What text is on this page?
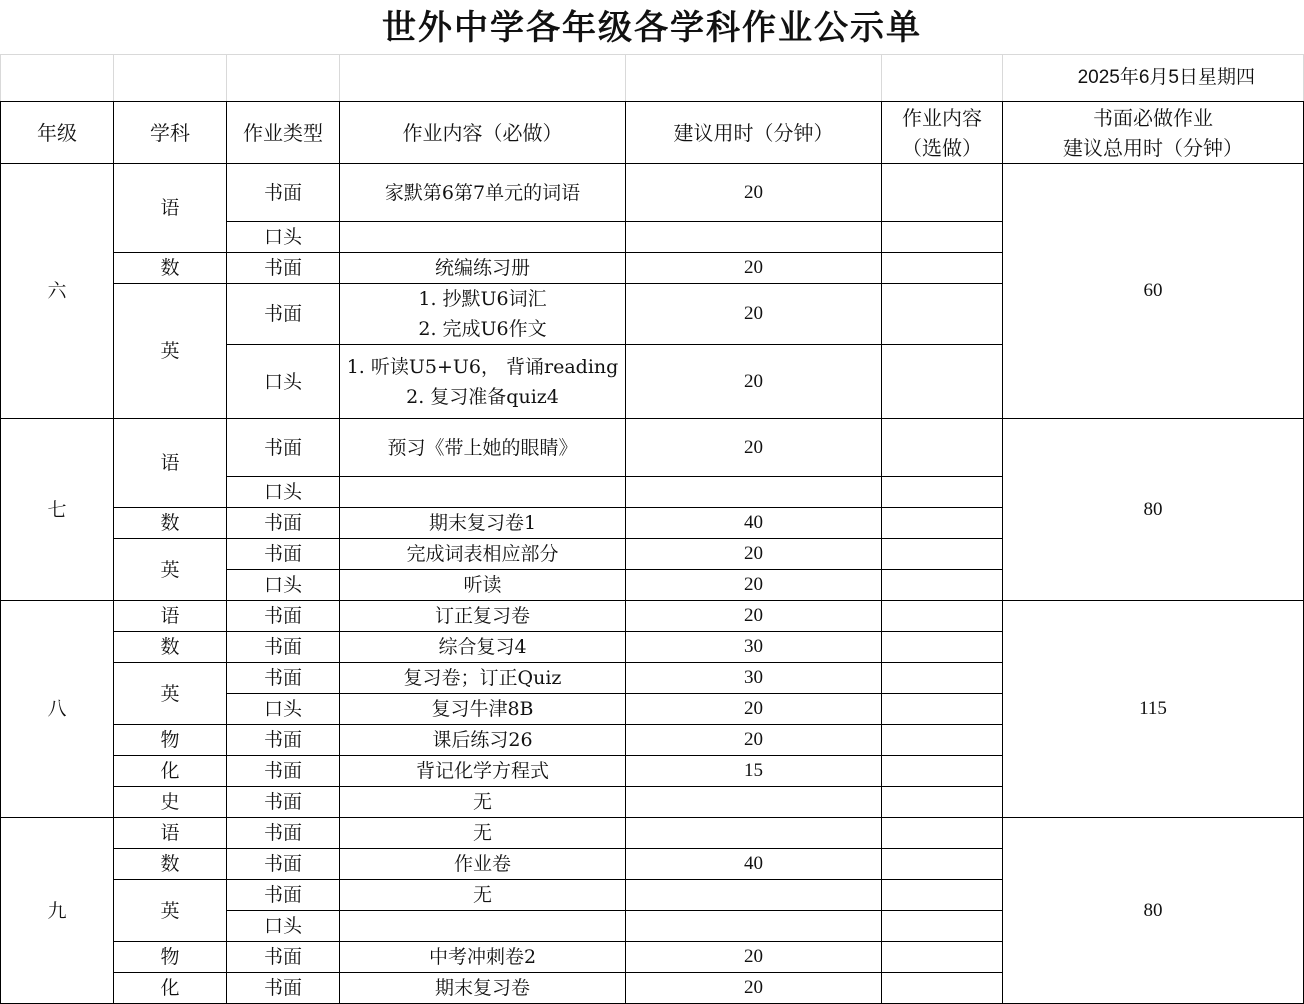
世外中学各年级各学科作业公示单
						2025年6月5日星期四
年级	学科	作业类型	作业内容（必做）	建议用时（分钟）	作业内容
（选做）	书面必做作业
建议总用时（分钟）

六	语	书面	家默第6第7单元的词语	20		60
		口头				
	数	书面	统编练习册	20		
	英	书面	1. 抄默U6词汇
2. 完成U6作文	20		
		口头	1. 听读U5+U6， 背诵reading
2. 复习准备quiz4	20		
七	语	书面	预习《带上她的眼睛》	20		80
		口头				
	数	书面	期末复习卷1	40		
	英	书面	完成词表相应部分	20		
		口头	听读	20		
八	语	书面	订正复习卷	20		115
	数	书面	综合复习4	30		
	英	书面	复习卷；订正Quiz	30		
		口头	复习牛津8B	20		
	物	书面	课后练习26	20		
	化	书面	背记化学方程式	15		
	史	书面	无			
九	语	书面	无			80
	数	书面	作业卷	40		
	英	书面	无			
		口头				
	物	书面	中考冲刺卷2	20		
	化	书面	期末复习卷	20		
